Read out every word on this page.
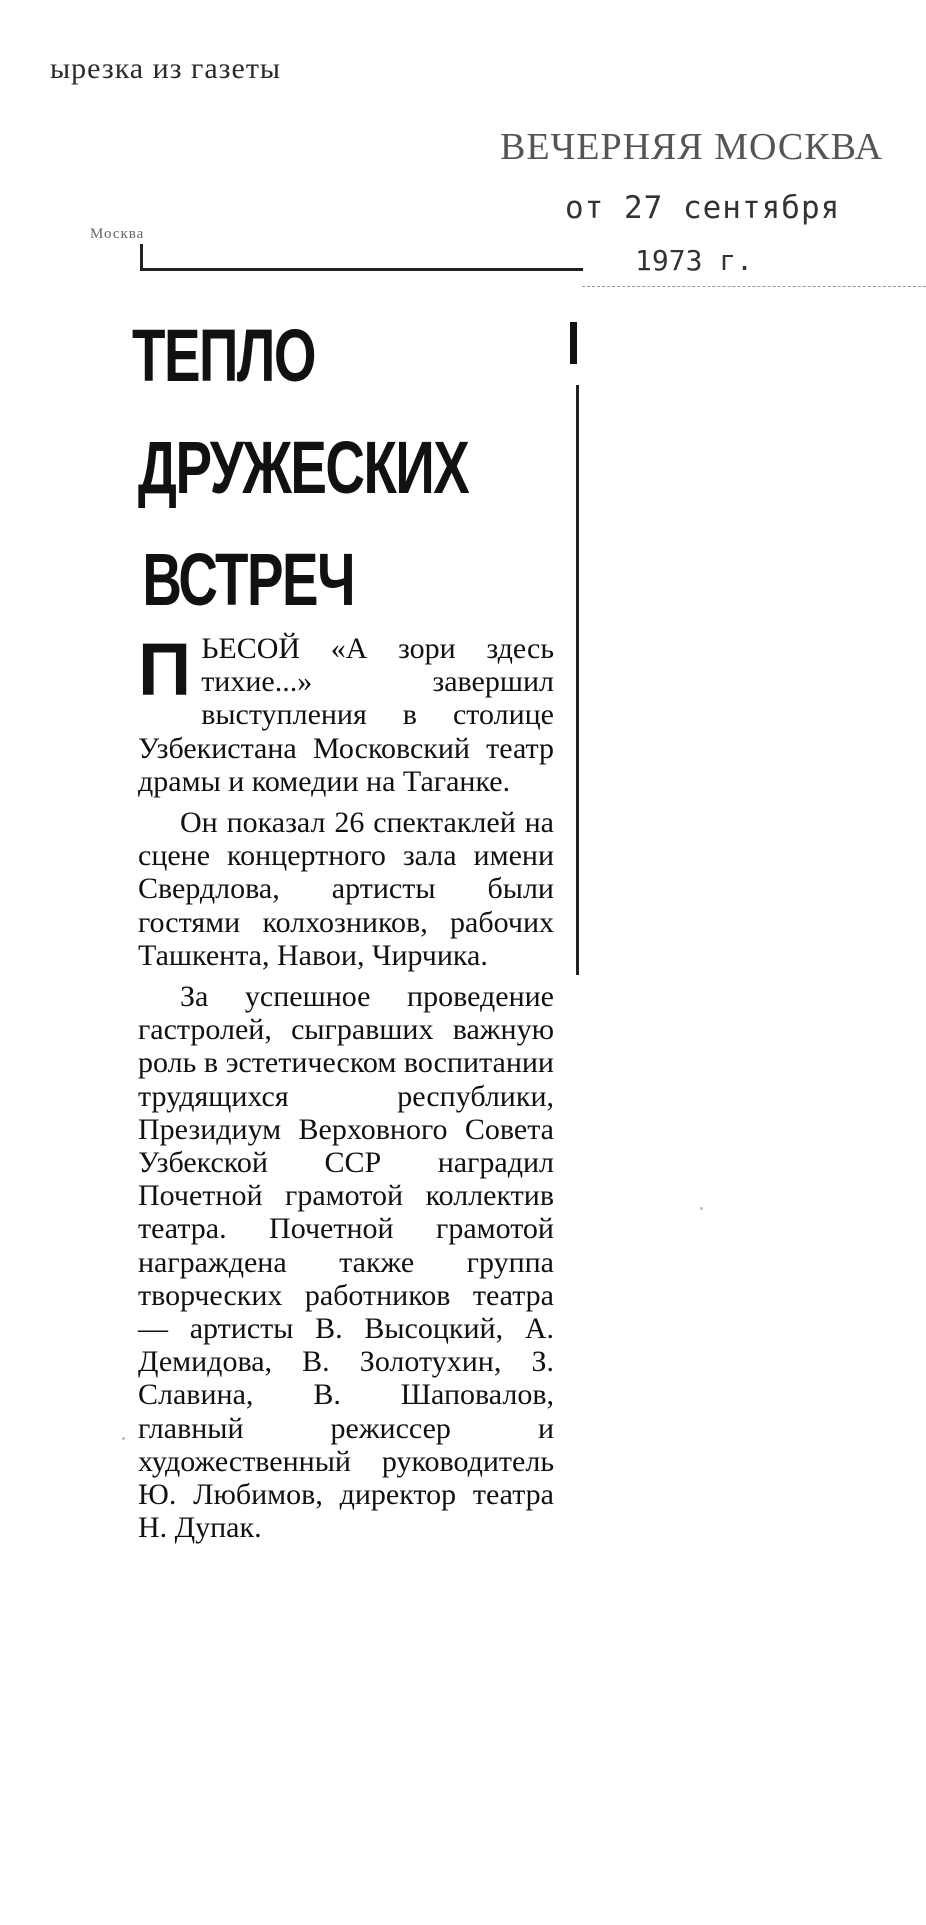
ырезка из газеты
ВЕЧЕРНЯЯ МОСКВА
от 27 сентября
1973 г.
Москва
ТЕПЛО
ДРУЖЕСКИХ
ВСТРЕЧ

ПЬЕСОЙ «А зори здесь тихие...» завершил выступления в столице Узбекистана Московский театр драмы и комедии на Таганке.

Он показал 26 спектаклей на сцене концертного зала имени Свердлова, артисты были гостями колхозников, рабочих Ташкента, Навои, Чирчика.

За успешное проведение гастролей, сыгравших важную роль в эстетическом воспитании трудящихся республики, Президиум Верховного Совета Узбекской ССР наградил Почетной грамотой коллектив театра. Почетной грамотой награждена также группа творческих работников театра — артисты В. Высоцкий, А. Демидова, В. Золотухин, З. Славина, В. Шаповалов, главный режиссер и художественный руководитель Ю. Любимов, директор театра Н. Дупак.
